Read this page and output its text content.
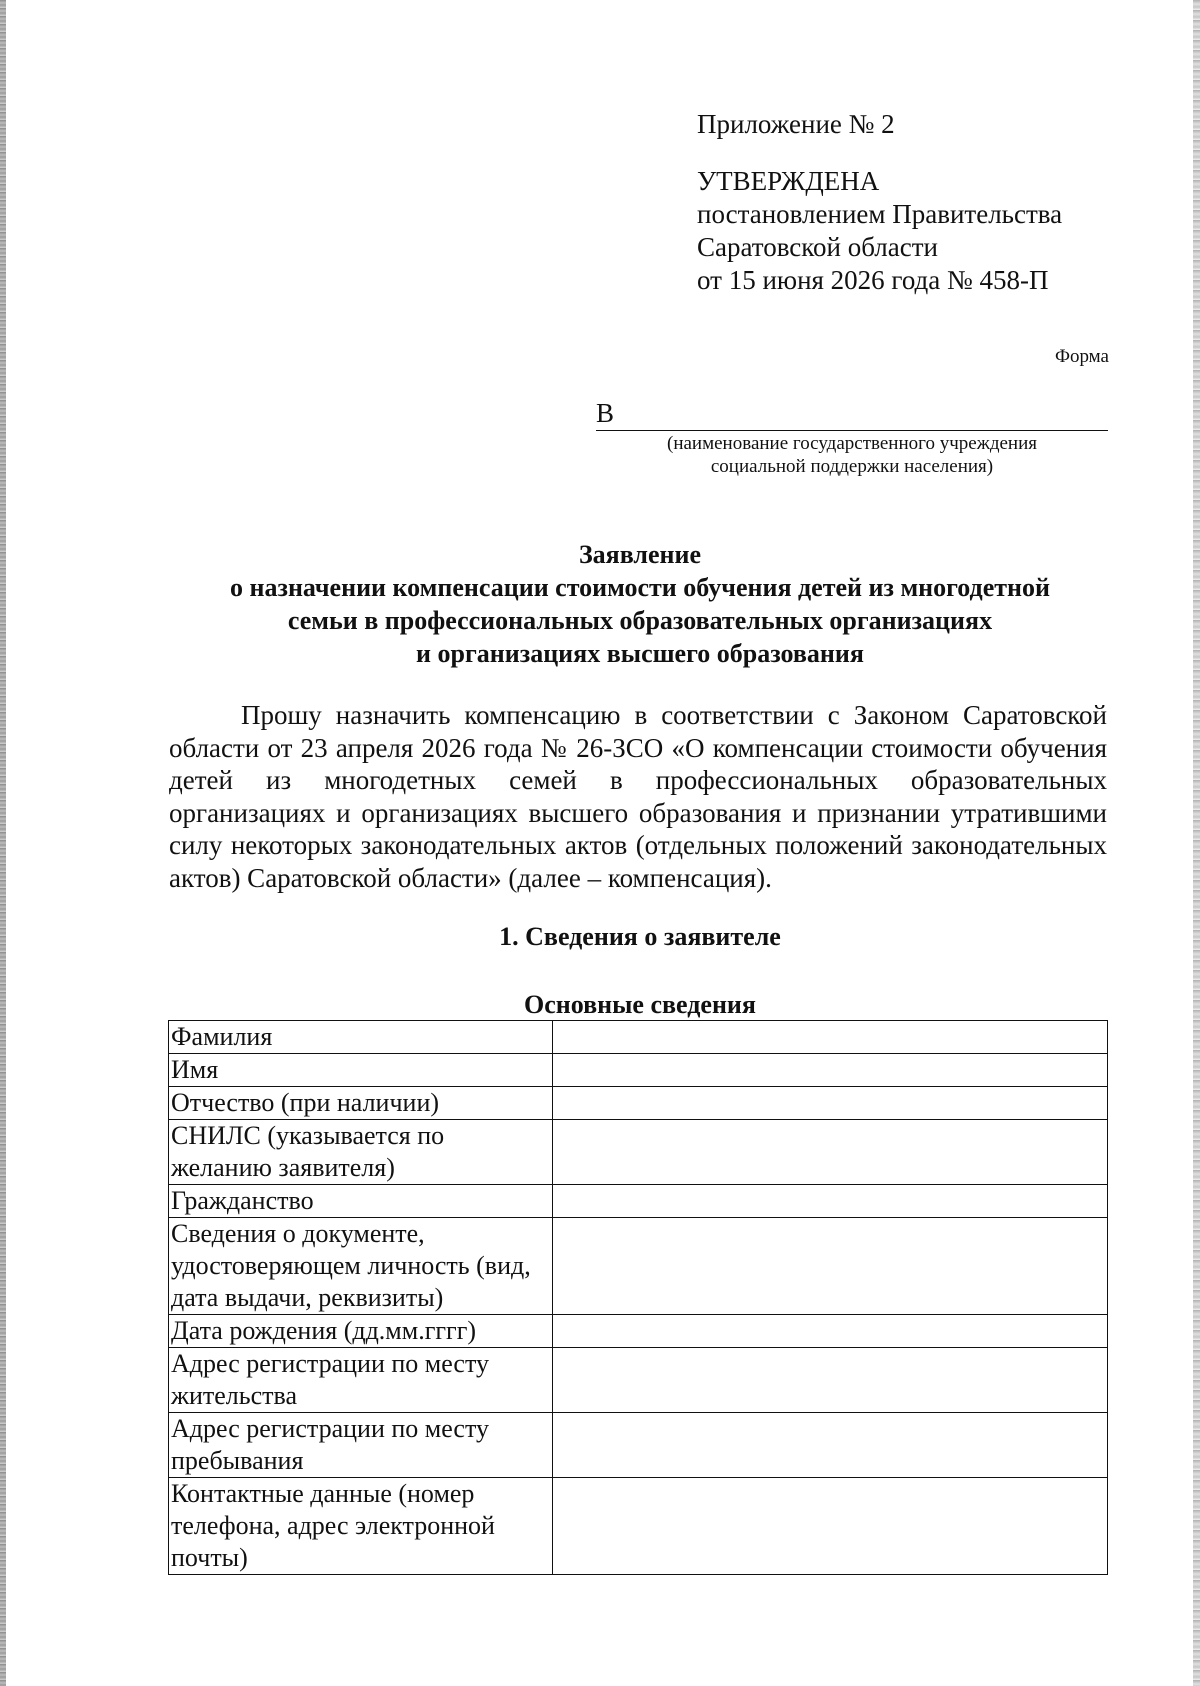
Приложение № 2
УТВЕРЖДЕНА
постановлением Правительства
Саратовской области
от 15 июня 2026 года № 458-П
Форма
В
(наименование государственного учреждения
социальной поддержки населения)
Заявление
о назначении компенсации стоимости обучения детей из многодетной
семьи в профессиональных образовательных организациях
и организациях высшего образования

Прошу назначить компенсацию в соответствии с Законом Саратовской области от 23 апреля 2026 года № 26-ЗСО «О компенсации стоимости обучения детей из многодетных семей в профессиональных образовательных организациях и организациях высшего образования и признании утратившими силу некоторых законодательных актов (отдельных положений законодательных актов) Саратовской области» (далее – компенсация).

1. Сведения о заявителе
Основные сведения
Фамилия	
Имя	
Отчество (при наличии)	
СНИЛС (указывается по желанию заявителя)	
Гражданство	
Сведения о документе, удостоверяющем личность (вид, дата выдачи, реквизиты)	
Дата рождения (дд.мм.гггг)	
Адрес регистрации по месту жительства	
Адрес регистрации по месту пребывания	
Контактные данные (номер телефона, адрес электронной почты)	
